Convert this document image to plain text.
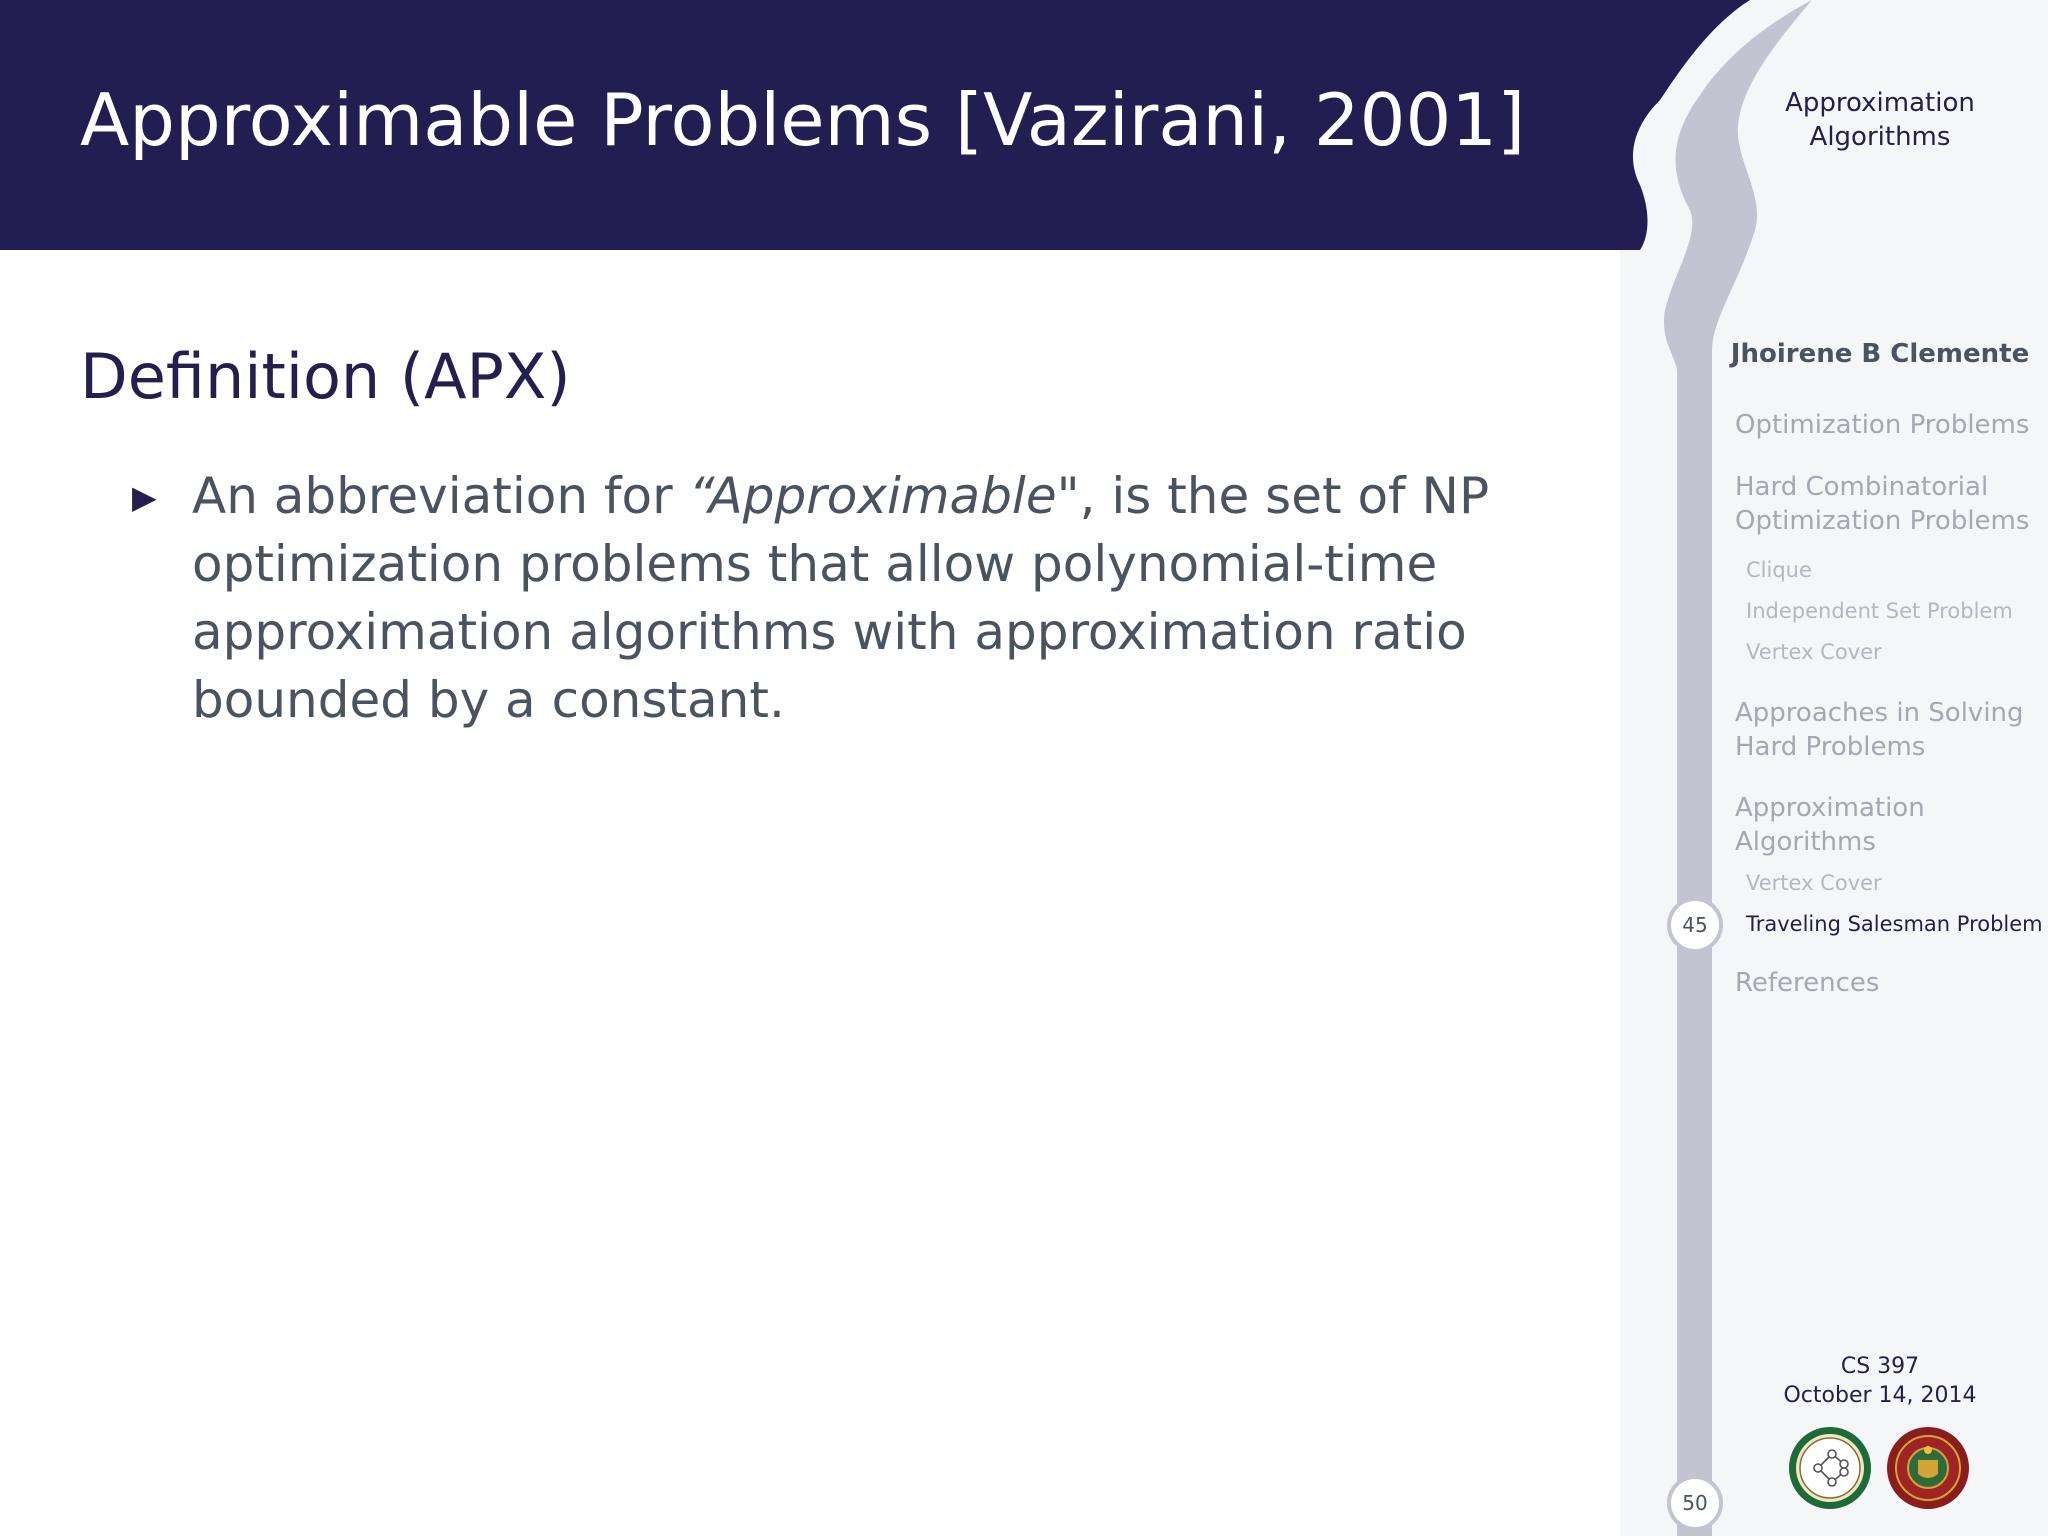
Approximable Problems [Vazirani, 2001]
Definition (APX)
▶ An abbreviation for “Approximable", is the set of NP optimization problems that allow polynomial-time approximation algorithms with approximation ratio bounded by a constant.

Approximation
Algorithms
Jhoirene B Clemente
Optimization Problems
Hard Combinatorial
Optimization Problems
Clique
Independent Set Problem
Vertex Cover
Approaches in Solving
Hard Problems
Approximation
Algorithms
Vertex Cover
Traveling Salesman Problem
References
45
50
CS 397
October 14, 2014
